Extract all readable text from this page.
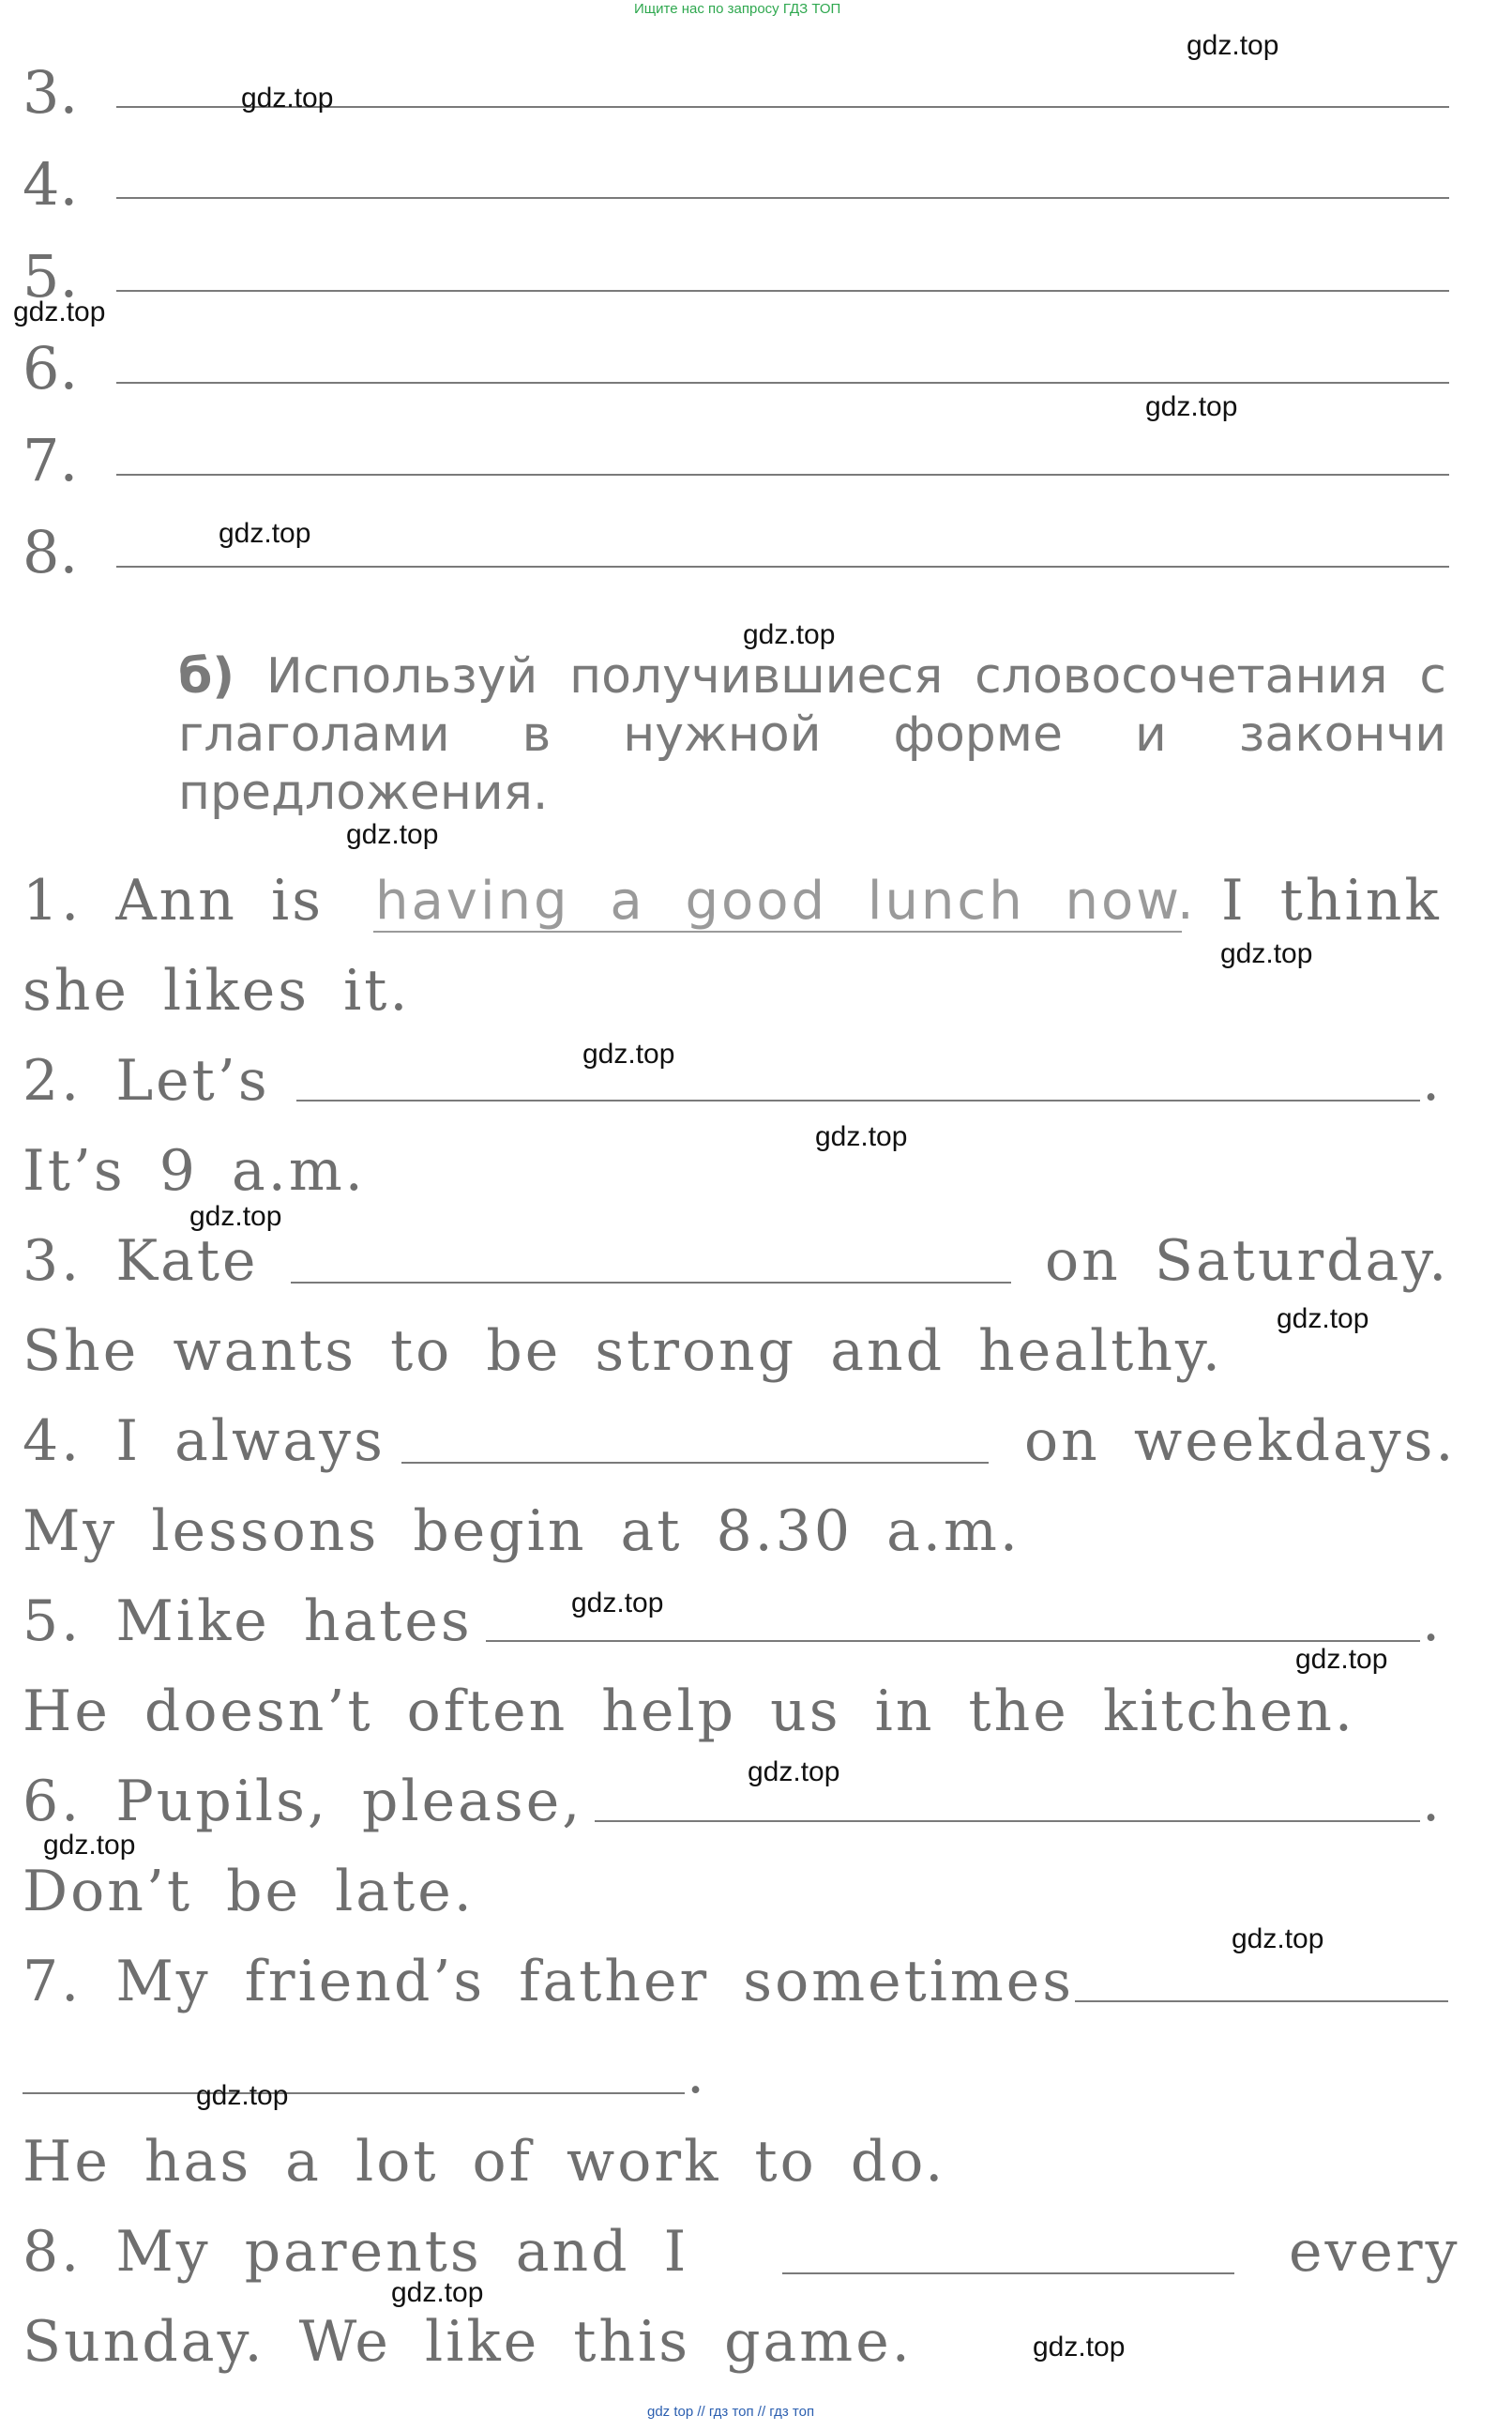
Ищите нас по запросу ГДЗ ТОП
gdz top // гдз топ // гдз топ
3.
4.
5.
6.
7.
8.
б) Используй получившиеся словосочетания с глаголами в нужной форме и закончи предложения.
1. Ann is having a good lunch now. I think
she likes it.
2. Let’s	.
It’s 9 a.m.
3. Kate	on Saturday.
She wants to be strong and healthy.
4. I always	on weekdays.
My lessons begin at 8.30 a.m.
5. Mike hates	.
He doesn’t often help us in the kitchen.
6. Pupils, please,	.
Don’t be late.
7. My friend’s father sometimes
.
He has a lot of work to do.
8. My parents and I	every
Sunday. We like this game.
gdz.top
gdz.top
gdz.top
gdz.top
gdz.top
gdz.top
gdz.top
gdz.top
gdz.top
gdz.top
gdz.top
gdz.top
gdz.top
gdz.top
gdz.top
gdz.top
gdz.top
gdz.top
gdz.top
gdz.top
